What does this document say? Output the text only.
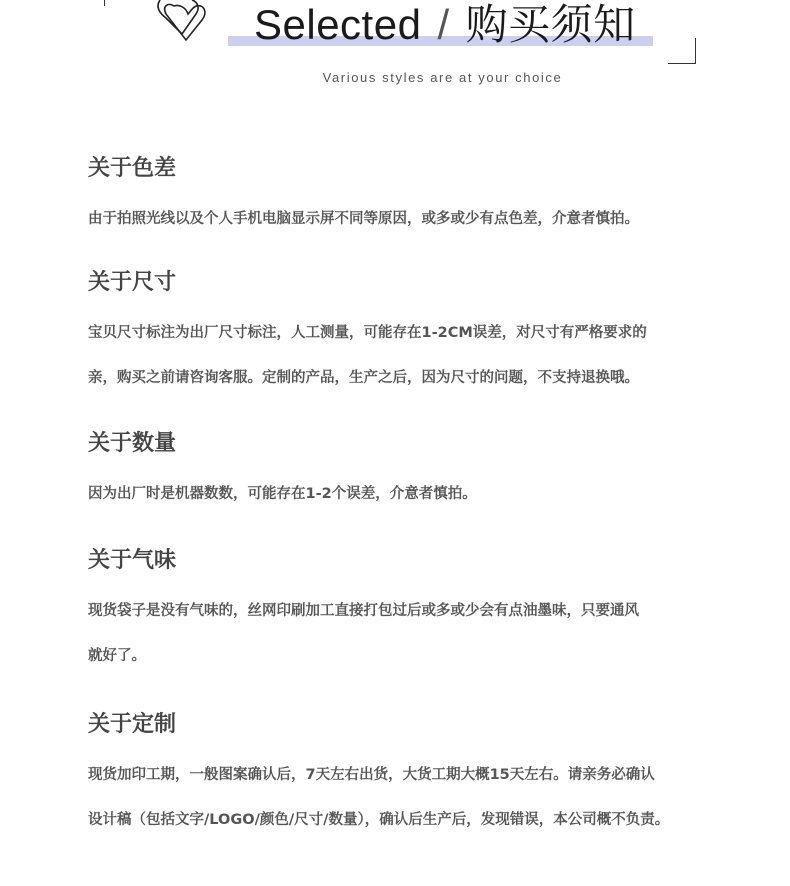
Selected / 购买须知
Various styles are at your choice
关于色差
由于拍照光线以及个人手机电脑显示屏不同等原因，或多或少有点色差，介意者慎拍。
关于尺寸
宝贝尺寸标注为出厂尺寸标注，人工测量，可能存在1-2CM误差，对尺寸有严格要求的
亲，购买之前请咨询客服。定制的产品，生产之后，因为尺寸的问题，不支持退换哦。
关于数量
因为出厂时是机器数数，可能存在1-2个误差，介意者慎拍。
关于气味
现货袋子是没有气味的，丝网印刷加工直接打包过后或多或少会有点油墨味，只要通风
就好了。
关于定制
现货加印工期，一般图案确认后，7天左右出货，大货工期大概15天左右。请亲务必确认
设计稿（包括文字/LOGO/颜色/尺寸/数量），确认后生产后，发现错误，本公司概不负责。
